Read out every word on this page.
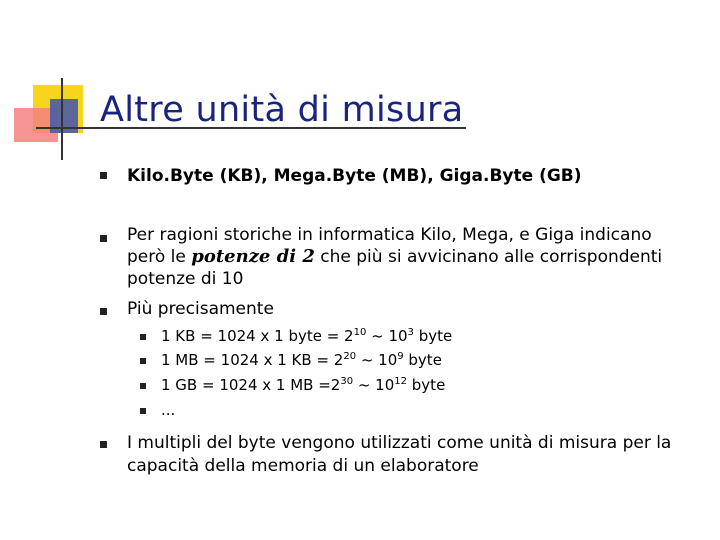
Altre unità di misura
Kilo.Byte (KB), Mega.Byte (MB), Giga.Byte (GB)
Per ragioni storiche in informatica Kilo, Mega, e Giga indicano
però le potenze di 2 che più si avvicinano alle corrispondenti
potenze di 10
Più precisamente
1 KB = 1024 x 1 byte = $2^{10}$ ~ $10^3$ byte
1 MB = 1024 x 1 KB = $2^{20}$ ~ $10^9$ byte
1 GB = 1024 x 1 MB $=2^{30}$ ~ $10^{12}$ byte
...
I multipli del byte vengono utilizzati come unità di misura per la
capacità della memoria di un elaboratore
